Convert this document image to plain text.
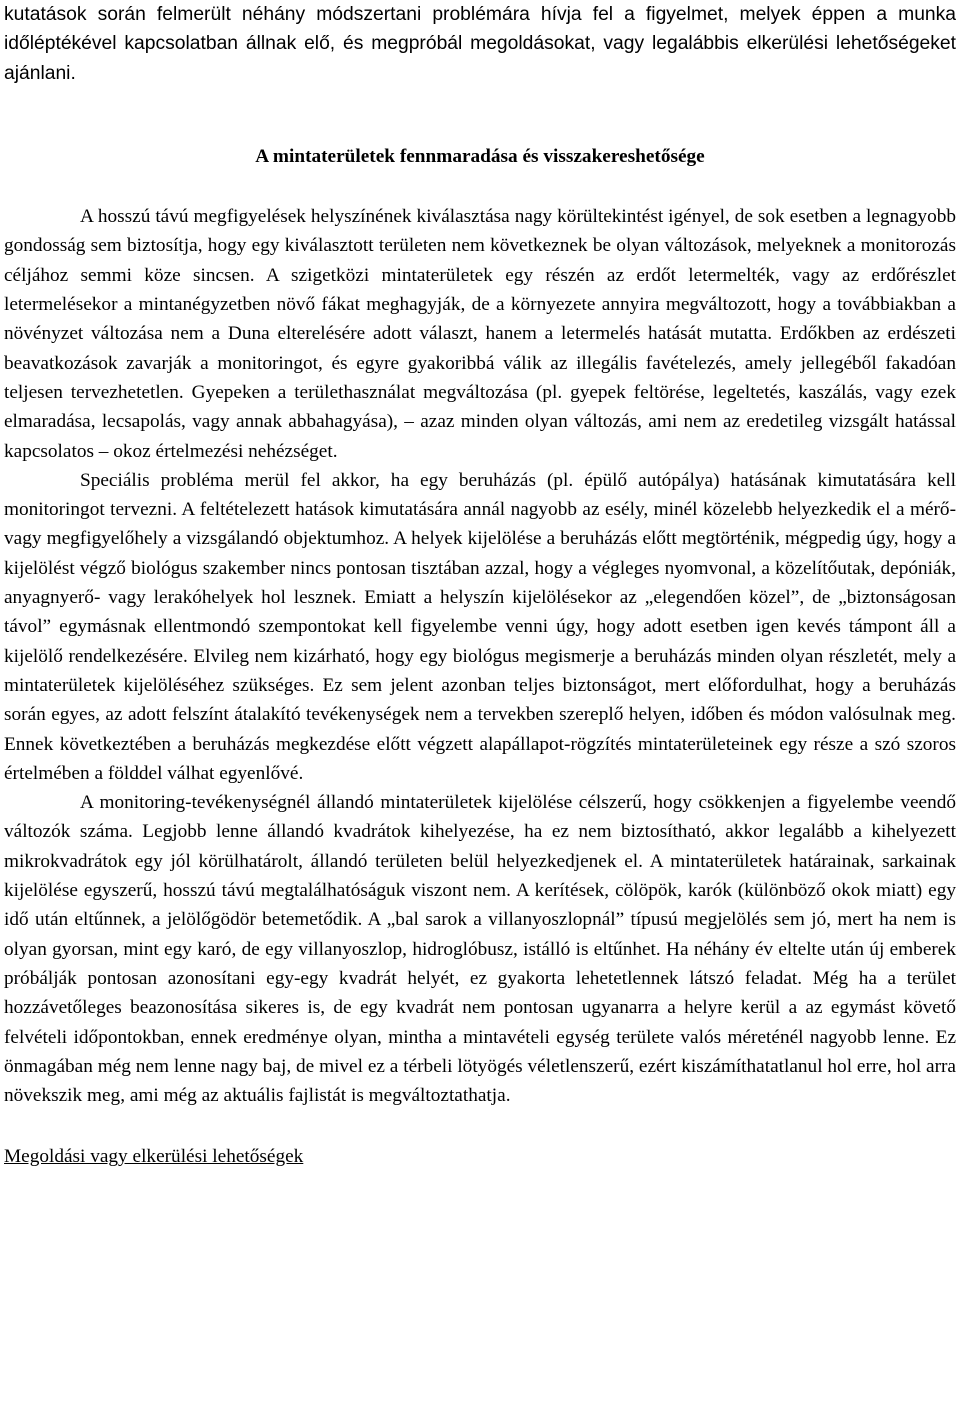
kutatások során felmerült néhány módszertani problémára hívja fel a figyelmet, melyek éppen a munka időléptékével kapcsolatban állnak elő, és megpróbál megoldásokat, vagy legalábbis elkerülési lehetőségeket ajánlani.

A mintaterületek fennmaradása és visszakereshetősége

A hosszú távú megfigyelések helyszínének kiválasztása nagy körültekintést igényel, de sok esetben a legnagyobb gondosság sem biztosítja, hogy egy kiválasztott területen nem következnek be olyan változások, melyeknek a monitorozás céljához semmi köze sincsen. A szigetközi mintaterületek egy részén az erdőt letermelték, vagy az erdőrészlet letermelésekor a mintanégyzetben növő fákat meghagyják, de a környezete annyira megváltozott, hogy a továbbiakban a növényzet változása nem a Duna elterelésére adott választ, hanem a letermelés hatását mutatta. Erdőkben az erdészeti beavatkozások zavarják a monitoringot, és egyre gyakoribbá válik az illegális favételezés, amely jellegéből fakadóan teljesen tervezhetetlen. Gyepeken a területhasználat megváltozása (pl. gyepek feltörése, legeltetés, kaszálás, vagy ezek elmaradása, lecsapolás, vagy annak abbahagyása), – azaz minden olyan változás, ami nem az eredetileg vizsgált hatással kapcsolatos – okoz értelmezési nehézséget.

Speciális probléma merül fel akkor, ha egy beruházás (pl. épülő autópálya) hatásának kimutatására kell monitoringot tervezni. A feltételezett hatások kimutatására annál nagyobb az esély, minél közelebb helyezkedik el a mérő- vagy megfigyelőhely a vizsgálandó objektumhoz. A helyek kijelölése a beruházás előtt megtörténik, mégpedig úgy, hogy a kijelölést végző biológus szakember nincs pontosan tisztában azzal, hogy a végleges nyomvonal, a közelítőutak, depóniák, anyagnyerő- vagy lerakóhelyek hol lesznek. Emiatt a helyszín kijelölésekor az „elegendően közel”, de „biztonságosan távol” egymásnak ellentmondó szempontokat kell figyelembe venni úgy, hogy adott esetben igen kevés támpont áll a kijelölő rendelkezésére. Elvileg nem kizárható, hogy egy biológus megismerje a beruházás minden olyan részletét, mely a mintaterületek kijelöléséhez szükséges. Ez sem jelent azonban teljes biztonságot, mert előfordulhat, hogy a beruházás során egyes, az adott felszínt átalakító tevékenységek nem a tervekben szereplő helyen, időben és módon valósulnak meg. Ennek következtében a beruházás megkezdése előtt végzett alapállapot-rögzítés mintaterületeinek egy része a szó szoros értelmében a földdel válhat egyenlővé.

A monitoring-tevékenységnél állandó mintaterületek kijelölése célszerű, hogy csökkenjen a figyelembe veendő változók száma. Legjobb lenne állandó kvadrátok kihelyezése, ha ez nem biztosítható, akkor legalább a kihelyezett mikrokvadrátok egy jól körülhatárolt, állandó területen belül helyezkedjenek el. A mintaterületek határainak, sarkainak kijelölése egyszerű, hosszú távú megtalálhatóságuk viszont nem. A kerítések, cölöpök, karók (különböző okok miatt) egy idő után eltűnnek, a jelölőgödör betemetődik. A „bal sarok a villanyoszlopnál” típusú megjelölés sem jó, mert ha nem is olyan gyorsan, mint egy karó, de egy villanyoszlop, hidroglóbusz, istálló is eltűnhet. Ha néhány év eltelte után új emberek próbálják pontosan azonosítani egy-egy kvadrát helyét, ez gyakorta lehetetlennek látszó feladat. Még ha a terület hozzávetőleges beazonosítása sikeres is, de egy kvadrát nem pontosan ugyanarra a helyre kerül a az egymást követő felvételi időpontokban, ennek eredménye olyan, mintha a mintavételi egység területe valós méreténél nagyobb lenne. Ez önmagában még nem lenne nagy baj, de mivel ez a térbeli lötyögés véletlenszerű, ezért kiszámíthatatlanul hol erre, hol arra növekszik meg, ami még az aktuális fajlistát is megváltoztathatja.

Megoldási vagy elkerülési lehetőségek
